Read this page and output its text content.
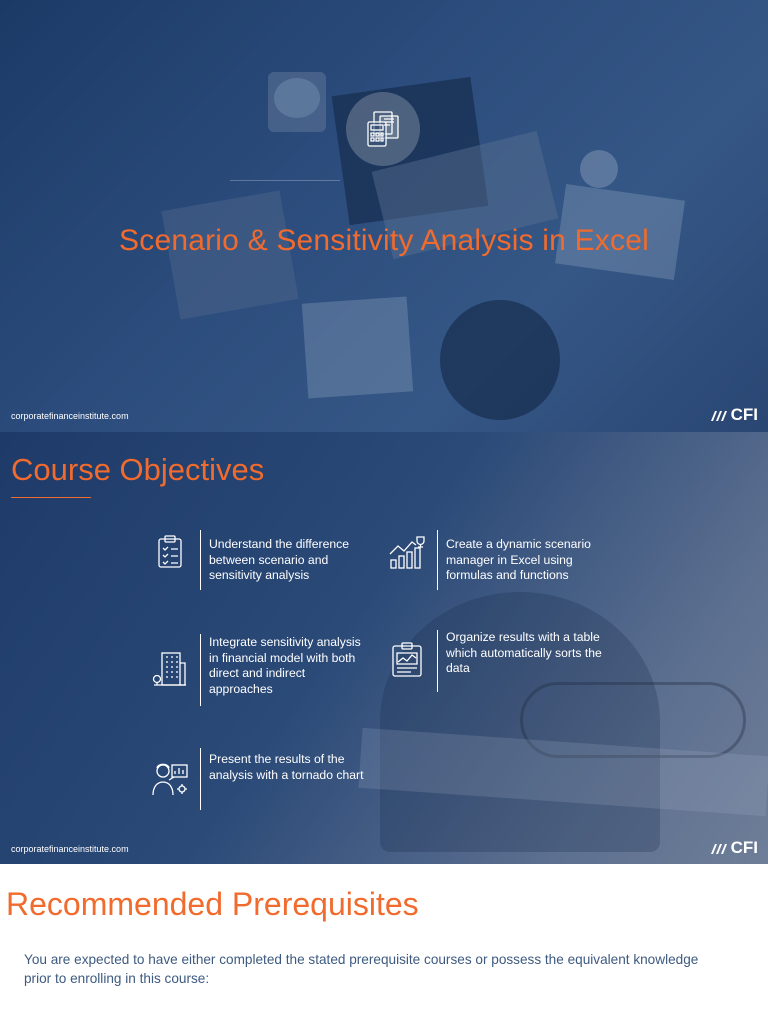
Scenario & Sensitivity Analysis in Excel
corporatefinanceinstitute.com	CFI
Course Objectives
Understand the difference between scenario and sensitivity analysis
Create a dynamic scenario manager in Excel using formulas and functions
Integrate sensitivity analysis in financial model with both direct and indirect approaches
Organize results with a table which automatically sorts the data
Present the results of the analysis with a tornado chart
corporatefinanceinstitute.com	CFI
Recommended Prerequisites
You are expected to have either completed the stated prerequisite courses or possess the equivalent knowledge prior to enrolling in this course:
